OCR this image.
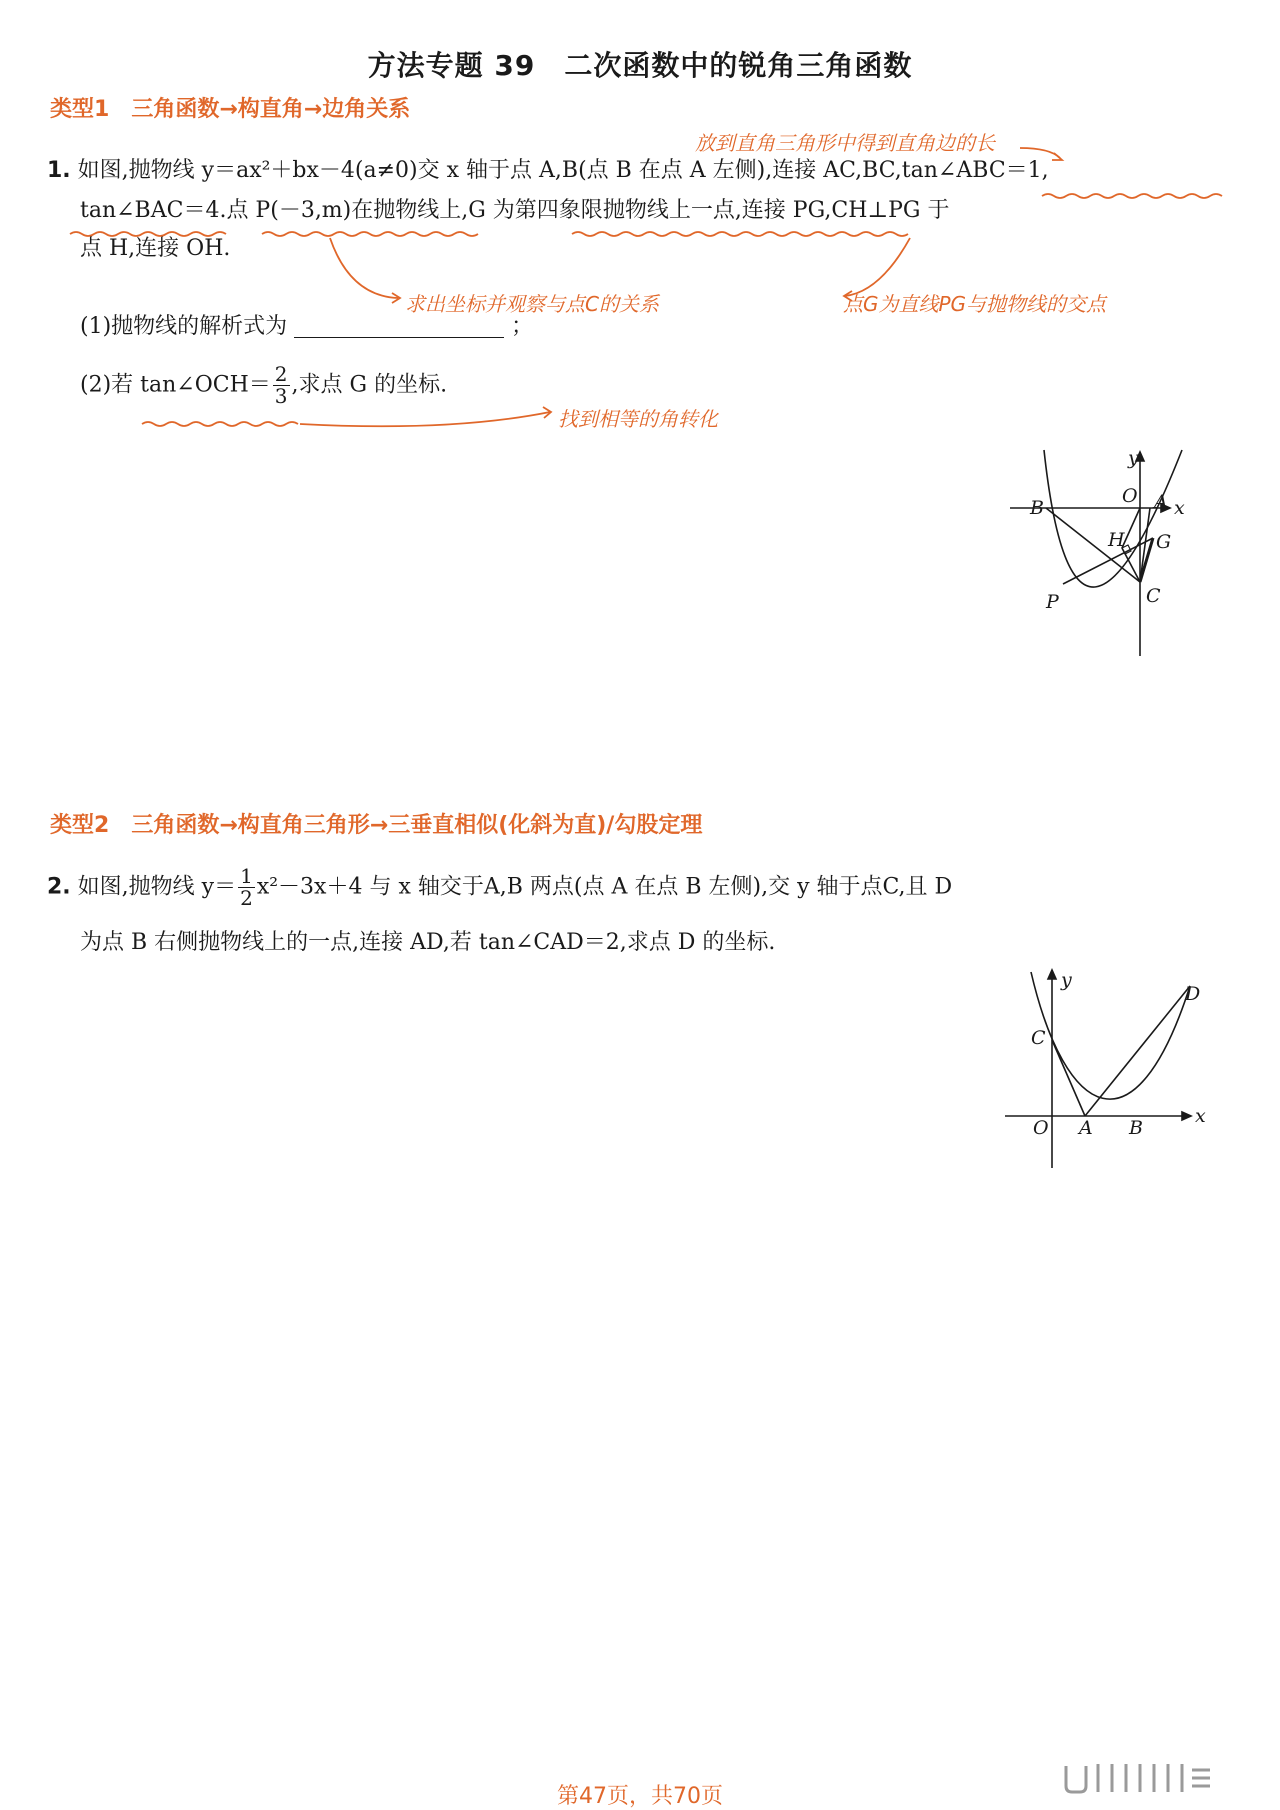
方法专题 39　二次函数中的锐角三角函数
类型1　 三角函数→构直角→边角关系
放到直角三角形中得到直角边的长
1. 如图,抛物线 y＝ax²＋bx－4(a≠0)交 x 轴于点 A,B(点 B 在点 A 左侧),连接 AC,BC,tan∠ABC＝1,
tan∠BAC＝4.点 P(－3,m)在抛物线上,G 为第四象限抛物线上一点,连接 PG,CH⊥PG 于
点 H,连接 OH.
求出坐标并观察与点C的关系	点G为直线PG与抛物线的交点
(1)抛物线的解析式为	；
(2)若 tan∠OCH＝ $\frac{2}{3}$ ,求点 G 的坐标.
找到相等的角转化
y
x
O A
B
G
H
C
P
类型2　 三角函数→构直角三角形→三垂直相似(化斜为直)/勾股定理
2. 如图,抛物线 $y= \frac{1}{2} x^2-3x+4$ 与 x 轴交于A,B 两点(点 A 在点 B 左侧),交 y 轴于点C,且 D
为点 B 右侧抛物线上的一点,连接 AD,若 tan∠CAD＝2,求点 D 的坐标.
y
x
C
O A B
D
第47页，共70页
